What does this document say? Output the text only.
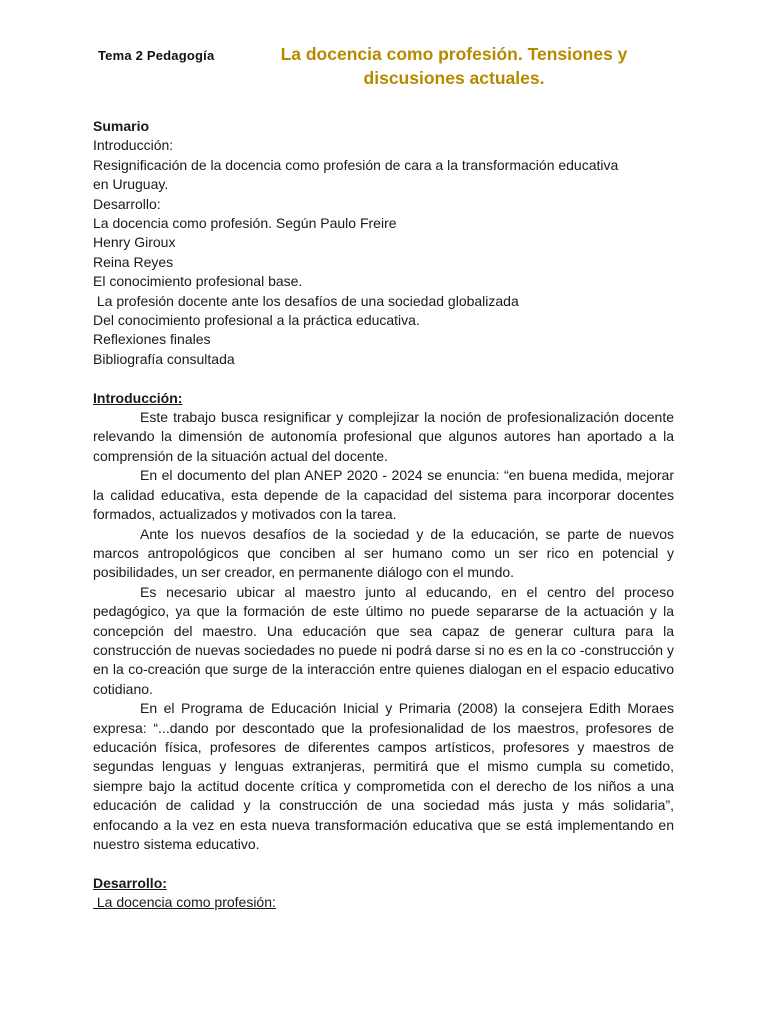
Tema 2 Pedagogía	La docencia como profesión. Tensiones y
discusiones actuales.
Sumario
Introducción:
Resignificación de la docencia como profesión de cara a la transformación educativa
en Uruguay.
Desarrollo:
La docencia como profesión. Según Paulo Freire
Henry Giroux
Reina Reyes
El conocimiento profesional base.
La profesión docente ante los desafíos de una sociedad globalizada
Del conocimiento profesional a la práctica educativa.
Reflexiones finales
Bibliografía consultada
Introducción:

Este trabajo busca resignificar y complejizar la noción de profesionalización docente relevando la dimensión de autonomía profesional que algunos autores han aportado a la comprensión de la situación actual del docente.

En el documento del plan ANEP 2020 - 2024 se enuncia: “en buena medida, mejorar la calidad educativa, esta depende de la capacidad del sistema para incorporar docentes formados, actualizados y motivados con la tarea.

Ante los nuevos desafíos de la sociedad y de la educación, se parte de nuevos marcos antropológicos que conciben al ser humano como un ser rico en potencial y posibilidades, un ser creador, en permanente diálogo con el mundo.

Es necesario ubicar al maestro junto al educando, en el centro del proceso pedagógico, ya que la formación de este último no puede separarse de la actuación y la concepción del maestro. Una educación que sea capaz de generar cultura para la construcción de nuevas sociedades no puede ni podrá darse si no es en la co -construcción y en la co-creación que surge de la interacción entre quienes dialogan en el espacio educativo cotidiano.

En el Programa de Educación Inicial y Primaria (2008) la consejera Edith Moraes expresa: “...dando por descontado que la profesionalidad de los maestros, profesores de educación física, profesores de diferentes campos artísticos, profesores y maestros de segundas lenguas y lenguas extranjeras, permitirá que el mismo cumpla su cometido, siempre bajo la actitud docente crítica y comprometida con el derecho de los niños a una educación de calidad y la construcción de una sociedad más justa y más solidaria”, enfocando a la vez en esta nueva transformación educativa que se está implementando en nuestro sistema educativo.

Desarrollo:
La docencia como profesión:
